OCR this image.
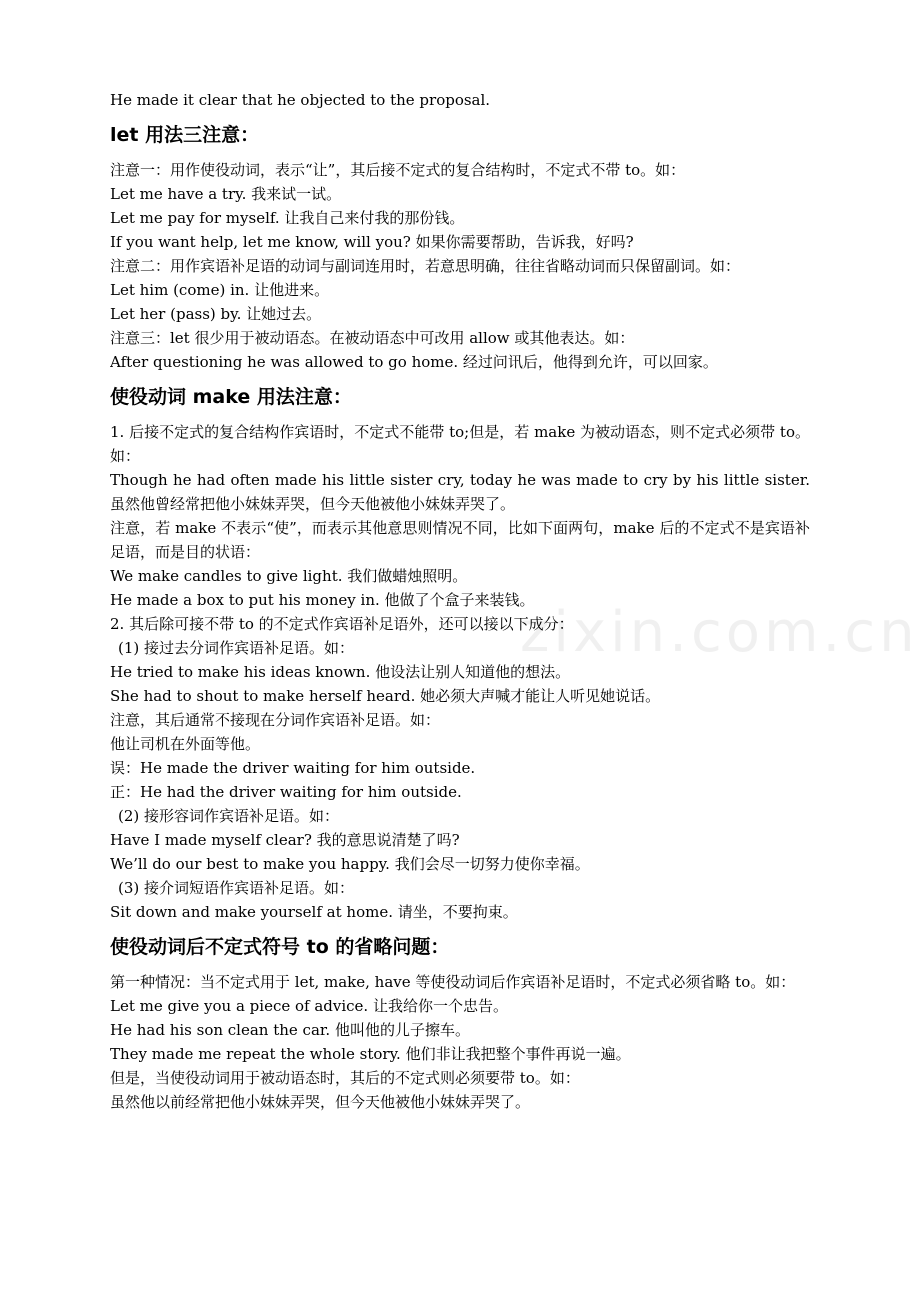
zixin.com.cn
He made it clear that he objected to the proposal.
let 用法三注意：
注意一：用作使役动词，表示“让”，其后接不定式的复合结构时，不定式不带 to。如：
Let me have a try. 我来试一试。
Let me pay for myself. 让我自己来付我的那份钱。
If you want help, let me know, will you? 如果你需要帮助，告诉我，好吗?
注意二：用作宾语补足语的动词与副词连用时，若意思明确，往往省略动词而只保留副词。如：
Let him (come) in. 让他进来。
Let her (pass) by. 让她过去。
注意三：let 很少用于被动语态。在被动语态中可改用 allow 或其他表达。如：
After questioning he was allowed to go home. 经过问讯后，他得到允许，可以回家。
使役动词 make 用法注意：
1. 后接不定式的复合结构作宾语时，不定式不能带 to;但是，若 make 为被动语态，则不定式必须带 to。如：
Though he had often made his little sister cry, today he was made to cry by his little sister. 虽然他曾经常把他小妹妹弄哭，但今天他被他小妹妹弄哭了。
注意，若 make 不表示“使”，而表示其他意思则情况不同，比如下面两句，make 后的不定式不是宾语补足语，而是目的状语：
We make candles to give light. 我们做蜡烛照明。
He made a box to put his money in. 他做了个盒子来装钱。
2. 其后除可接不带 to 的不定式作宾语补足语外，还可以接以下成分：
(1) 接过去分词作宾语补足语。如：
He tried to make his ideas known. 他设法让别人知道他的想法。
She had to shout to make herself heard. 她必须大声喊才能让人听见她说话。
注意，其后通常不接现在分词作宾语补足语。如：
他让司机在外面等他。
误：He made the driver waiting for him outside.
正：He had the driver waiting for him outside.
(2) 接形容词作宾语补足语。如：
Have I made myself clear? 我的意思说清楚了吗?
We’ll do our best to make you happy. 我们会尽一切努力使你幸福。
(3) 接介词短语作宾语补足语。如：
Sit down and make yourself at home. 请坐，不要拘束。
使役动词后不定式符号 to 的省略问题：
第一种情况：当不定式用于 let, make, have 等使役动词后作宾语补足语时，不定式必须省略 to。如：
Let me give you a piece of advice. 让我给你一个忠告。
He had his son clean the car. 他叫他的儿子擦车。
They made me repeat the whole story. 他们非让我把整个事件再说一遍。
但是，当使役动词用于被动语态时，其后的不定式则必须要带 to。如：
虽然他以前经常把他小妹妹弄哭，但今天他被他小妹妹弄哭了。
